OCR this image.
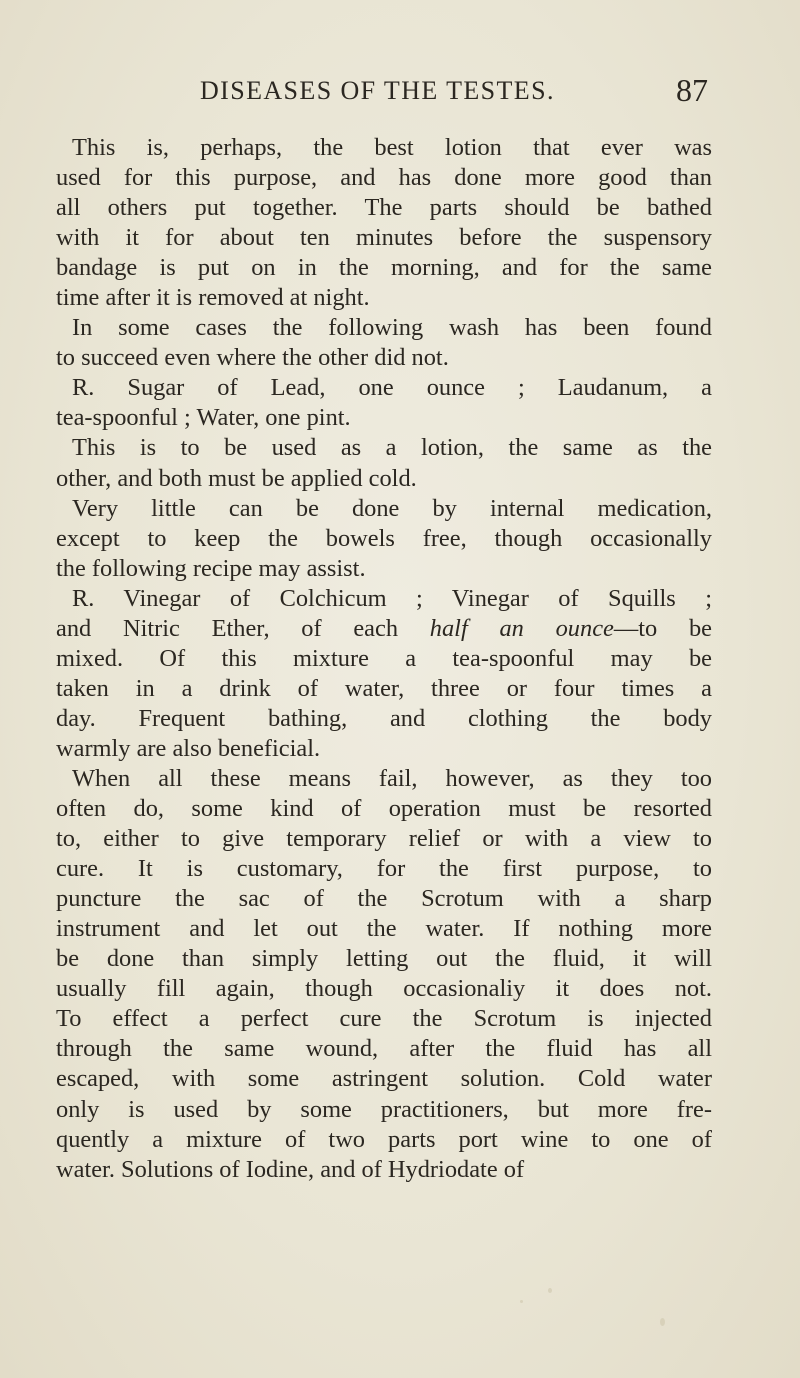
DISEASES OF THE TESTES.	87
This is, perhaps, the best lotion that ever was
used for this purpose, and has done more good than
all others put together. The parts should be bathed
with it for about ten minutes before the suspensory
bandage is put on in the morning, and for the same
time after it is removed at night.
In some cases the following wash has been found
to succeed even where the other did not.
R. Sugar of Lead, one ounce ; Laudanum, a
tea-spoonful ; Water, one pint.
This is to be used as a lotion, the same as the
other, and both must be applied cold.
Very little can be done by internal medication,
except to keep the bowels free, though occasionally
the following recipe may assist.
R. Vinegar of Colchicum ; Vinegar of Squills ;
and Nitric Ether, of each half an ounce—to be
mixed. Of this mixture a tea-spoonful may be
taken in a drink of water, three or four times a
day. Frequent bathing, and clothing the body
warmly are also beneficial.
When all these means fail, however, as they too
often do, some kind of operation must be resorted
to, either to give temporary relief or with a view to
cure. It is customary, for the first purpose, to
puncture the sac of the Scrotum with a sharp
instrument and let out the water. If nothing more
be done than simply letting out the fluid, it will
usually fill again, though occasionaliy it does not.
To effect a perfect cure the Scrotum is injected
through the same wound, after the fluid has all
escaped, with some astringent solution. Cold water
only is used by some practitioners, but more fre-
quently a mixture of two parts port wine to one of
water. Solutions of Iodine, and of Hydriodate of
